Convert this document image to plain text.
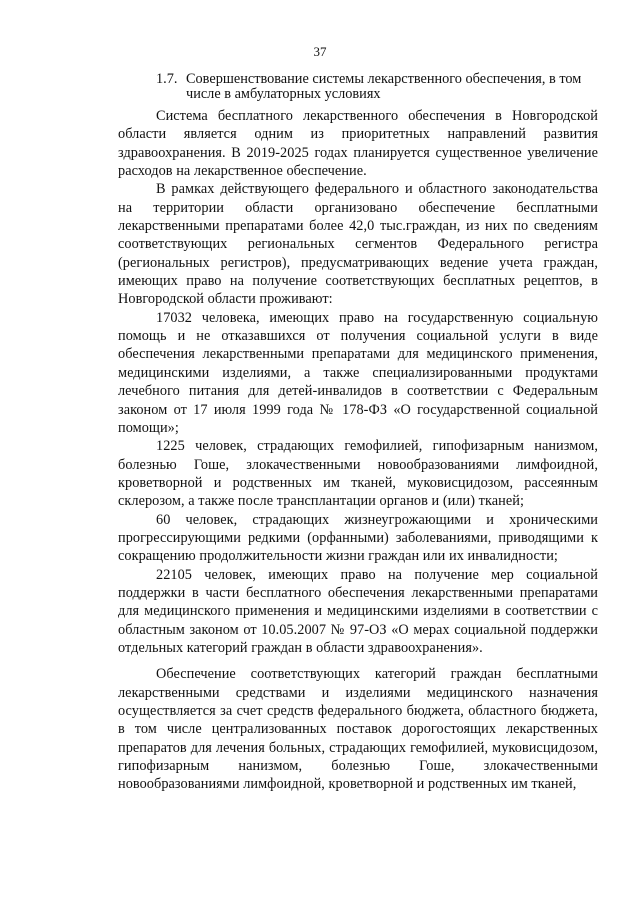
37
1.7. Совершенствование системы лекарственного обеспечения, в том
числе в амбулаторных условиях

Система бесплатного лекарственного обеспечения в Новгородской области является одним из приоритетных направлений развития здравоохранения. В 2019-2025 годах планируется существенное увеличение расходов на лекарственное обеспечение.

В рамках действующего федерального и областного законодательства на территории области организовано обеспечение бесплатными лекарственными препаратами более 42,0 тыс.граждан, из них по сведениям соответствующих региональных сегментов Федерального регистра (региональных регистров), предусматривающих ведение учета граждан, имеющих право на получение соответствующих бесплатных рецептов, в Новгородской области проживают:

17032 человека, имеющих право на государственную социальную помощь и не отказавшихся от получения социальной услуги в виде обеспечения лекарственными препаратами для медицинского применения, медицинскими изделиями, а также специализированными продуктами лечебного питания для детей-инвалидов в соответствии с Федеральным законом от 17 июля 1999 года № 178-ФЗ «О государственной социальной помощи»;

1225 человек, страдающих гемофилией, гипофизарным нанизмом, болезнью Гоше, злокачественными новообразованиями лимфоидной, кроветворной и родственных им тканей, муковисцидозом, рассеянным склерозом, а также после трансплантации органов и (или) тканей;

60 человек, страдающих жизнеугрожающими и хроническими прогрессирующими редкими (орфанными) заболеваниями, приводящими к сокращению продолжительности жизни граждан или их инвалидности;

22105 человек, имеющих право на получение мер социальной поддержки в части бесплатного обеспечения лекарственными препаратами для медицинского применения и медицинскими изделиями в соответствии с областным законом от 10.05.2007 № 97-ОЗ «О мерах социальной поддержки отдельных категорий граждан в области здравоохранения».

Обеспечение соответствующих категорий граждан бесплатными лекарственными средствами и изделиями медицинского назначения осуществляется за счет средств федерального бюджета, областного бюджета, в том числе централизованных поставок дорогостоящих лекарственных препаратов для лечения больных, страдающих гемофилией, муковисцидозом, гипофизарным нанизмом, болезнью Гоше, злокачественными новообразованиями лимфоидной, кроветворной и родственных им тканей,
